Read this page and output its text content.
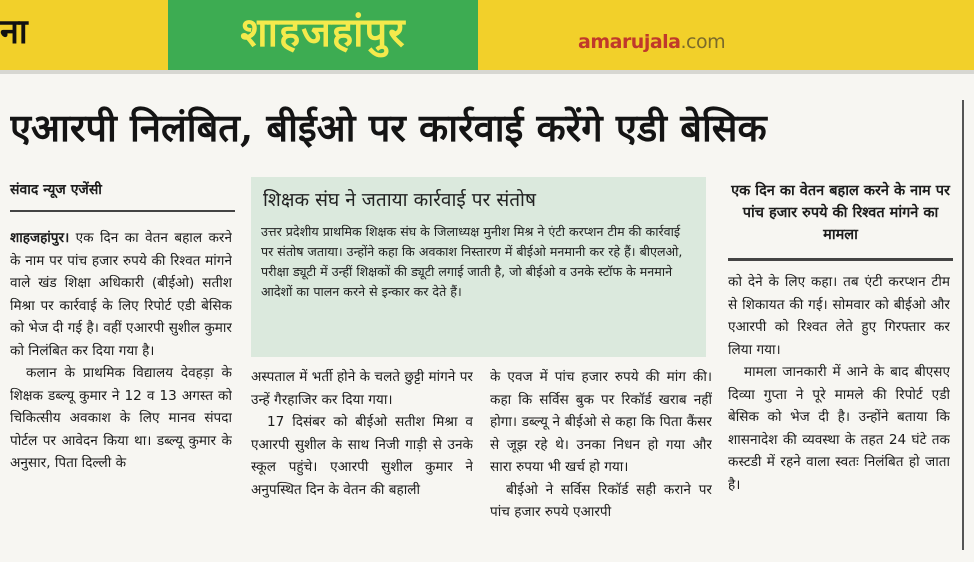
ना	शाहजहांपुर	amarujala.com
एआरपी निलंबित, बीईओ पर कार्रवाई करेंगे एडी बेसिक
संवाद न्यूज एजेंसी

शाहजहांपुर। एक दिन का वेतन बहाल करने के नाम पर पांच हजार रुपये की रिश्वत मांगने वाले खंड शिक्षा अधिकारी (बीईओ) सतीश मिश्रा पर कार्रवाई के लिए रिपोर्ट एडी बेसिक को भेज दी गई है। वहीं एआरपी सुशील कुमार को निलंबित कर दिया गया है।

कलान के प्राथमिक विद्यालय देवहड़ा के शिक्षक डब्ल्यू कुमार ने 12 व 13 अगस्त को चिकित्सीय अवकाश के लिए मानव संपदा पोर्टल पर आवेदन किया था। डब्ल्यू कुमार के अनुसार, पिता दिल्ली के

शिक्षक संघ ने जताया कार्रवाई पर संतोष
उत्तर प्रदेशीय प्राथमिक शिक्षक संघ के जिलाध्यक्ष मुनीश मिश्र ने एंटी करप्शन टीम की कार्रवाई पर संतोष जताया। उन्होंने कहा कि अवकाश निस्तारण में बीईओ मनमानी कर रहे हैं। बीएलओ, परीक्षा ड्यूटी में उन्हीं शिक्षकों की ड्यूटी लगाई जाती है, जो बीईओ व उनके स्टॉफ के मनमाने आदेशों का पालन करने से इन्कार कर देते हैं।

अस्पताल में भर्ती होने के चलते छुट्टी मांगने पर उन्हें गैरहाजिर कर दिया गया।

17 दिसंबर को बीईओ सतीश मिश्रा व एआरपी सुशील के साथ निजी गाड़ी से उनके स्कूल पहुंचे। एआरपी सुशील कुमार ने अनुपस्थित दिन के वेतन की बहाली

के एवज में पांच हजार रुपये की मांग की। कहा कि सर्विस बुक पर रिकॉर्ड खराब नहीं होगा। डब्ल्यू ने बीईओ से कहा कि पिता कैंसर से जूझ रहे थे। उनका निधन हो गया और सारा रुपया भी खर्च हो गया।

बीईओ ने सर्विस रिकॉर्ड सही कराने पर पांच हजार रुपये एआरपी

एक दिन का वेतन बहाल करने के नाम पर पांच हजार रुपये की रिश्वत मांगने का मामला

को देने के लिए कहा। तब एंटी करप्शन टीम से शिकायत की गई। सोमवार को बीईओ और एआरपी को रिश्वत लेते हुए गिरफ्तार कर लिया गया।

मामला जानकारी में आने के बाद बीएसए दिव्या गुप्ता ने पूरे मामले की रिपोर्ट एडी बेसिक को भेज दी है। उन्होंने बताया कि शासनादेश की व्यवस्था के तहत 24 घंटे तक कस्टडी में रहने वाला स्वतः निलंबित हो जाता है।
